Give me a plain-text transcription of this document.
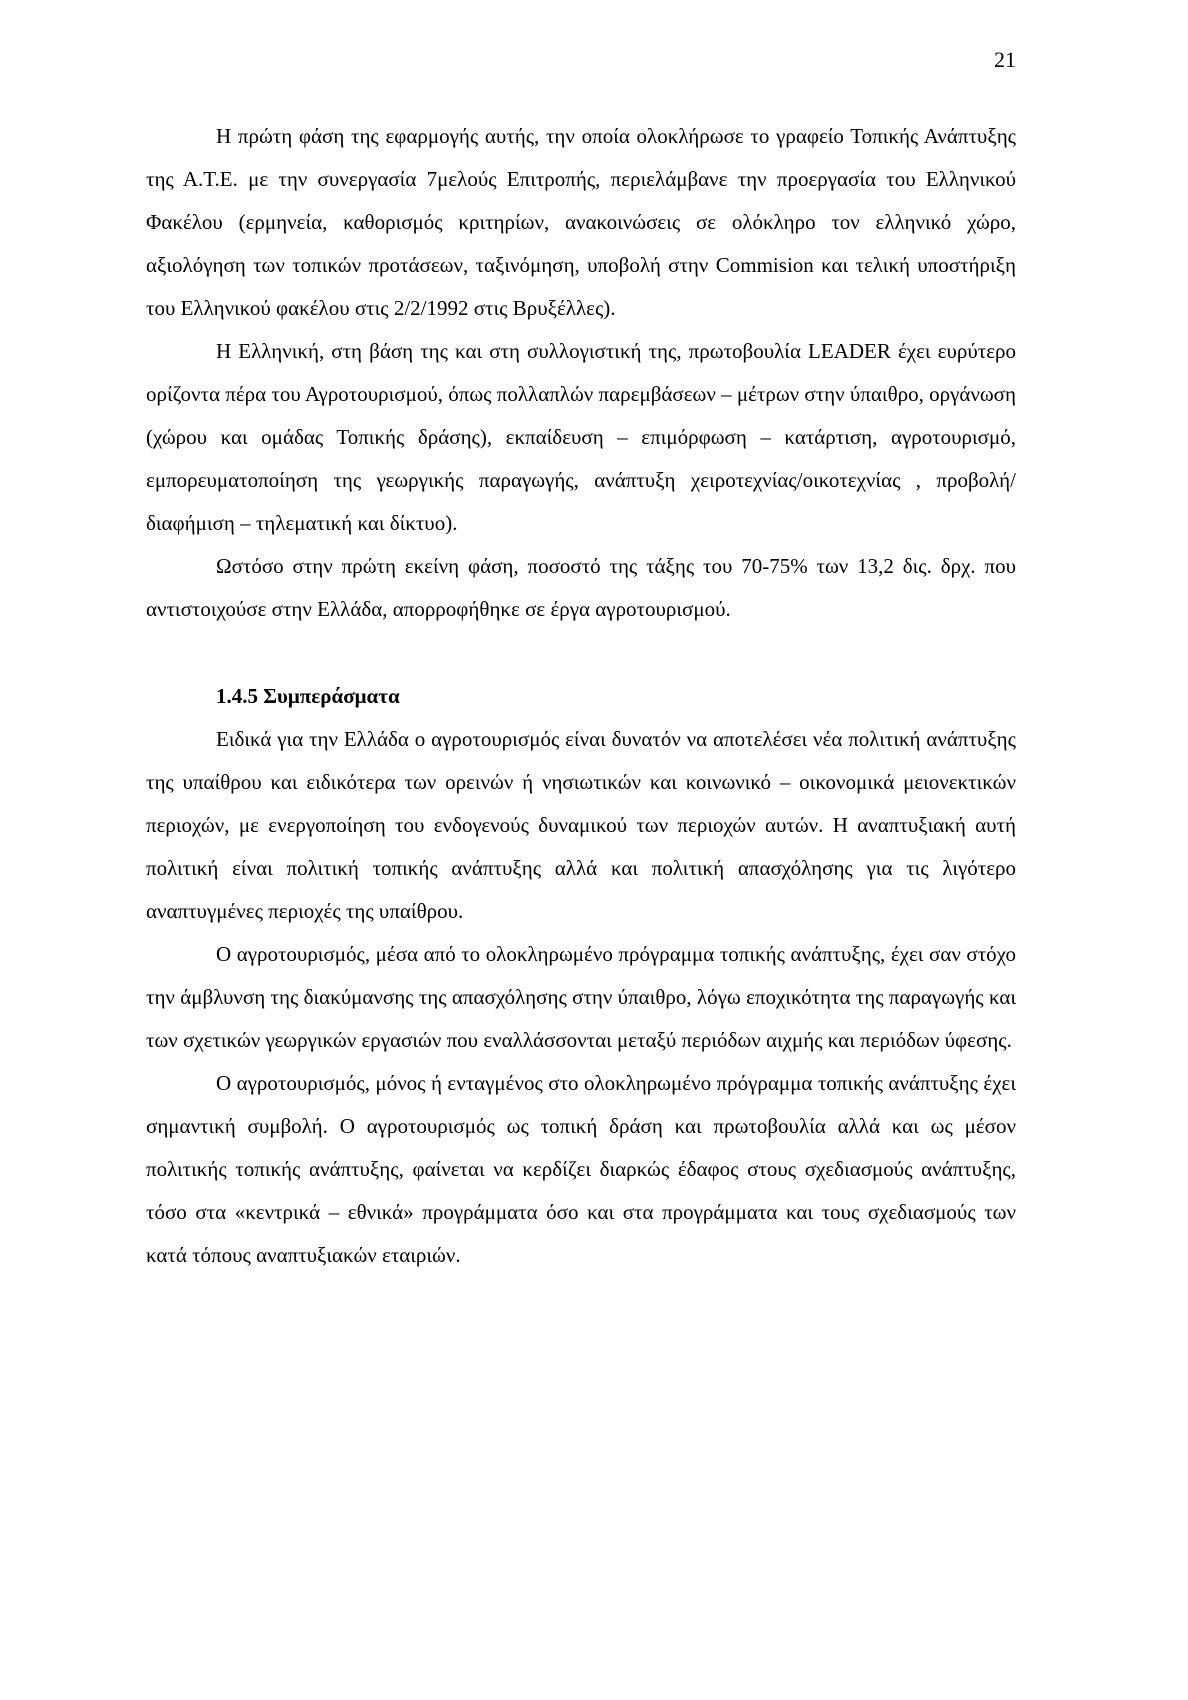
21

Η πρώτη φάση της εφαρμογής αυτής, την οποία ολοκλήρωσε το γραφείο Τοπικής Ανάπτυξης της Α.Τ.Ε. με την συνεργασία 7μελούς Επιτροπής, περιελάμβανε την προεργασία του Ελληνικού Φακέλου (ερμηνεία, καθορισμός κριτηρίων, ανακοινώσεις σε ολόκληρο τον ελληνικό χώρο, αξιολόγηση των τοπικών προτάσεων, ταξινόμηση, υποβολή στην Commision και τελική υποστήριξη του Ελληνικού φακέλου στις 2/2/1992 στις Βρυξέλλες).

Η Ελληνική, στη βάση της και στη συλλογιστική της, πρωτοβουλία LEADER έχει ευρύτερο ορίζοντα πέρα του Αγροτουρισμού, όπως πολλαπλών παρεμβάσεων – μέτρων στην ύπαιθρο, οργάνωση (χώρου και ομάδας Τοπικής δράσης), εκπαίδευση – επιμόρφωση – κατάρτιση, αγροτουρισμό, εμπορευματοποίηση της γεωργικής παραγωγής, ανάπτυξη χειροτεχνίας/οικοτεχνίας , προβολή/διαφήμιση – τηλεματική και δίκτυο).

Ωστόσο στην πρώτη εκείνη φάση, ποσοστό της τάξης του 70-75% των 13,2 δις. δρχ. που αντιστοιχούσε στην Ελλάδα, απορροφήθηκε σε έργα αγροτουρισμού.

1.4.5 Συμπεράσματα

Ειδικά για την Ελλάδα ο αγροτουρισμός είναι δυνατόν να αποτελέσει νέα πολιτική ανάπτυξης της υπαίθρου και ειδικότερα των ορεινών ή νησιωτικών και κοινωνικό – οικονομικά μειονεκτικών περιοχών, με ενεργοποίηση του ενδογενούς δυναμικού των περιοχών αυτών. Η αναπτυξιακή αυτή πολιτική είναι πολιτική τοπικής ανάπτυξης αλλά και πολιτική απασχόλησης για τις λιγότερο αναπτυγμένες περιοχές της υπαίθρου.

Ο αγροτουρισμός, μέσα από το ολοκληρωμένο πρόγραμμα τοπικής ανάπτυξης, έχει σαν στόχο την άμβλυνση της διακύμανσης της απασχόλησης στην ύπαιθρο, λόγω εποχικότητα της παραγωγής και των σχετικών γεωργικών εργασιών που εναλλάσσονται μεταξύ περιόδων αιχμής και περιόδων ύφεσης.

Ο αγροτουρισμός, μόνος ή ενταγμένος στο ολοκληρωμένο πρόγραμμα τοπικής ανάπτυξης έχει σημαντική συμβολή. Ο αγροτουρισμός ως τοπική δράση και πρωτοβουλία αλλά και ως μέσον πολιτικής τοπικής ανάπτυξης, φαίνεται να κερδίζει διαρκώς έδαφος στους σχεδιασμούς ανάπτυξης, τόσο στα «κεντρικά – εθνικά» προγράμματα όσο και στα προγράμματα και τους σχεδιασμούς των κατά τόπους αναπτυξιακών εταιριών.
